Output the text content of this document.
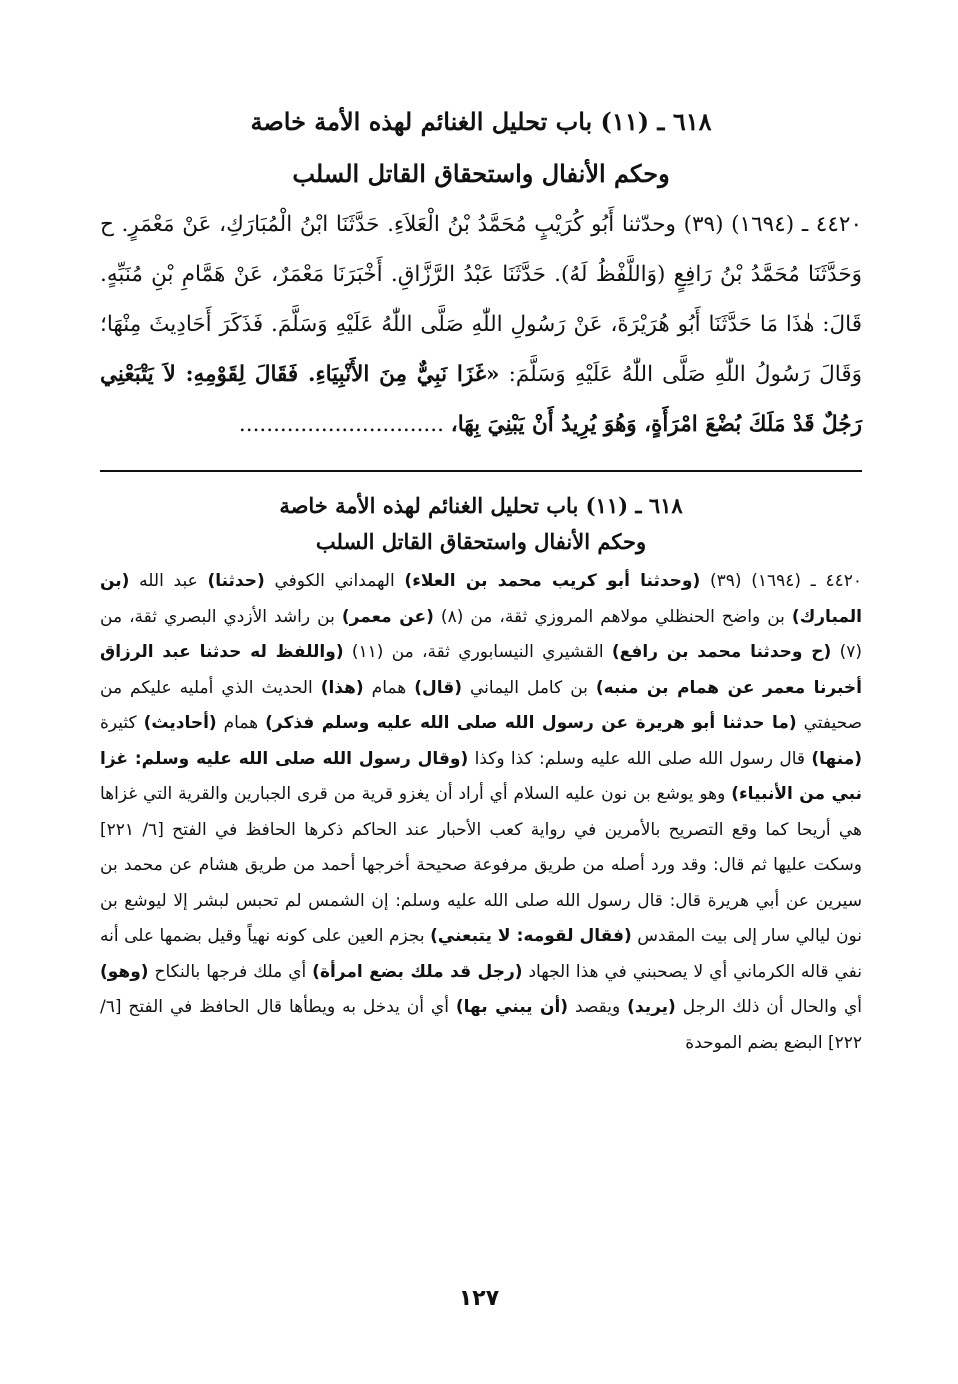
٦١٨ ـ (١١) باب تحليل الغنائم لهذه الأمة خاصة
وحكم الأنفال واستحقاق القاتل السلب

٤٤٢٠ ـ (١٦٩٤) (٣٩) وحدّثنا أَبُو كُرَيْبٍ مُحَمَّدُ بْنُ الْعَلاَءِ. حَدَّثَنَا ابْنُ الْمُبَارَكِ، عَنْ مَعْمَرٍ. ح وَحَدَّثَنَا مُحَمَّدُ بْنُ رَافِعٍ (وَاللَّفْظُ لَهُ). حَدَّثَنَا عَبْدُ الرَّزَّاقِ. أَخْبَرَنَا مَعْمَرٌ، عَنْ هَمَّامِ بْنِ مُنَبِّهٍ. قَالَ: هٰذَا مَا حَدَّثَنَا أَبُو هُرَيْرَةَ، عَنْ رَسُولِ اللّٰهِ صَلَّى اللّٰهُ عَلَيْهِ وَسَلَّمَ. فَذَكَرَ أَحَادِيثَ مِنْهَا؛ وَقَالَ رَسُولُ اللّٰهِ صَلَّى اللّٰهُ عَلَيْهِ وَسَلَّمَ: «غَزَا نَبِيٌّ مِنَ الأَنْبِيَاءِ. فَقَالَ لِقَوْمِهِ: لاَ يَتْبَعْنِي رَجُلٌ قَدْ مَلَكَ بُضْعَ امْرَأَةٍ، وَهُوَ يُرِيدُ أَنْ يَبْنِيَ بِهَا، ..............................

٦١٨ ـ (١١) باب تحليل الغنائم لهذه الأمة خاصة
وحكم الأنفال واستحقاق القاتل السلب

٤٤٢٠ ـ (١٦٩٤) (٣٩) (وحدثنا أبو كريب محمد بن العلاء) الهمداني الكوفي (حدثنا) عبد الله (بن المبارك) بن واضح الحنظلي مولاهم المروزي ثقة، من (٨) (عن معمر) بن راشد الأزدي البصري ثقة، من (٧) (ح وحدثنا محمد بن رافع) القشيري النيسابوري ثقة، من (١١) (واللفظ له حدثنا عبد الرزاق أخبرنا معمر عن همام بن منبه) بن كامل اليماني (قال) همام (هذا) الحديث الذي أمليه عليكم من صحيفتي (ما حدثنا أبو هريرة عن رسول الله صلى الله عليه وسلم فذكر) همام (أحاديث) كثيرة (منها) قال رسول الله صلى الله عليه وسلم: كذا وكذا (وقال رسول الله صلى الله عليه وسلم: غزا نبي من الأنبياء) وهو يوشع بن نون عليه السلام أي أراد أن يغزو قرية من قرى الجبارين والقرية التي غزاها هي أريحا كما وقع التصريح بالأمرين في رواية كعب الأحبار عند الحاكم ذكرها الحافظ في الفتح [٦/ ٢٢١] وسكت عليها ثم قال: وقد ورد أصله من طريق مرفوعة صحيحة أخرجها أحمد من طريق هشام عن محمد بن سيرين عن أبي هريرة قال: قال رسول الله صلى الله عليه وسلم: إن الشمس لم تحبس لبشر إلا ليوشع بن نون ليالي سار إلى بيت المقدس (فقال لقومه: لا يتبعني) بجزم العين على كونه نهياً وقيل بضمها على أنه نفي قاله الكرماني أي لا يصحبني في هذا الجهاد (رجل قد ملك بضع امرأة) أي ملك فرجها بالنكاح (وهو) أي والحال أن ذلك الرجل (يريد) ويقصد (أن يبني بها) أي أن يدخل به ويطأها قال الحافظ في الفتح [٦/ ٢٢٢] البضع بضم الموحدة

١٢٧
